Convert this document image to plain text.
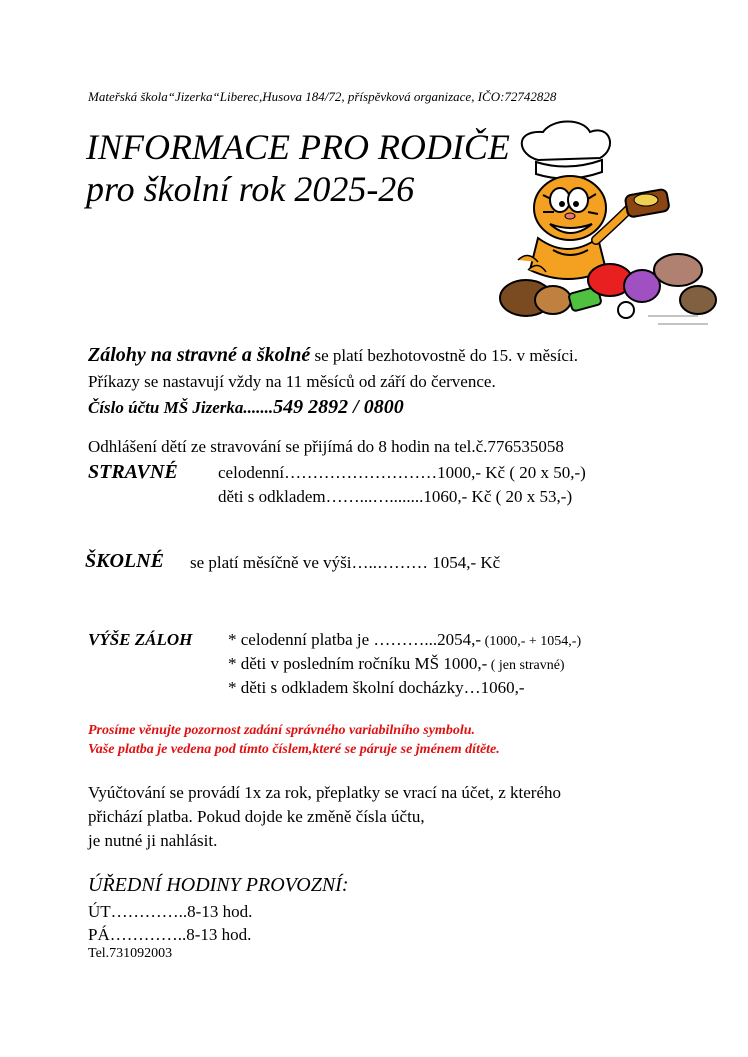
Mateřská škola“Jizerka“Liberec,Husova 184/72, příspěvková organizace, IČO:72742828
INFORMACE PRO RODIČE
pro školní rok 2025-26
Zálohy na stravné a školné se platí bezhotovostně do 15. v měsíci.
Příkazy se nastavují vždy na 11 měsíců od září do července.
Číslo účtu MŠ Jizerka.......549 2892 / 0800
Odhlášení dětí ze stravování se přijímá do 8 hodin na tel.č.776535058
STRAVNÉ celodenní………………………1000,- Kč ( 20 x 50,-)
děti s odkladem……...…........1060,- Kč ( 20 x 53,-)
ŠKOLNÉ se platí měsíčně ve výši…..……… 1054,- Kč
VÝŠE ZÁLOH * celodenní platba je ………...2054,- (1000,- + 1054,-)
* děti v posledním ročníku MŠ 1000,- ( jen stravné)
* děti s odkladem školní docházky…1060,-
Prosíme věnujte pozornost zadání správného variabilního symbolu.
Vaše platba je vedena pod tímto číslem,které se páruje se jménem dítěte.
Vyúčtování se provádí 1x za rok, přeplatky se vrací na účet, z kterého
přichází platba. Pokud dojde ke změně čísla účtu,
je nutné ji nahlásit.
ÚŘEDNÍ HODINY PROVOZNÍ:
ÚT…………..8-13 hod.
PÁ…………..8-13 hod.
Tel.731092003
